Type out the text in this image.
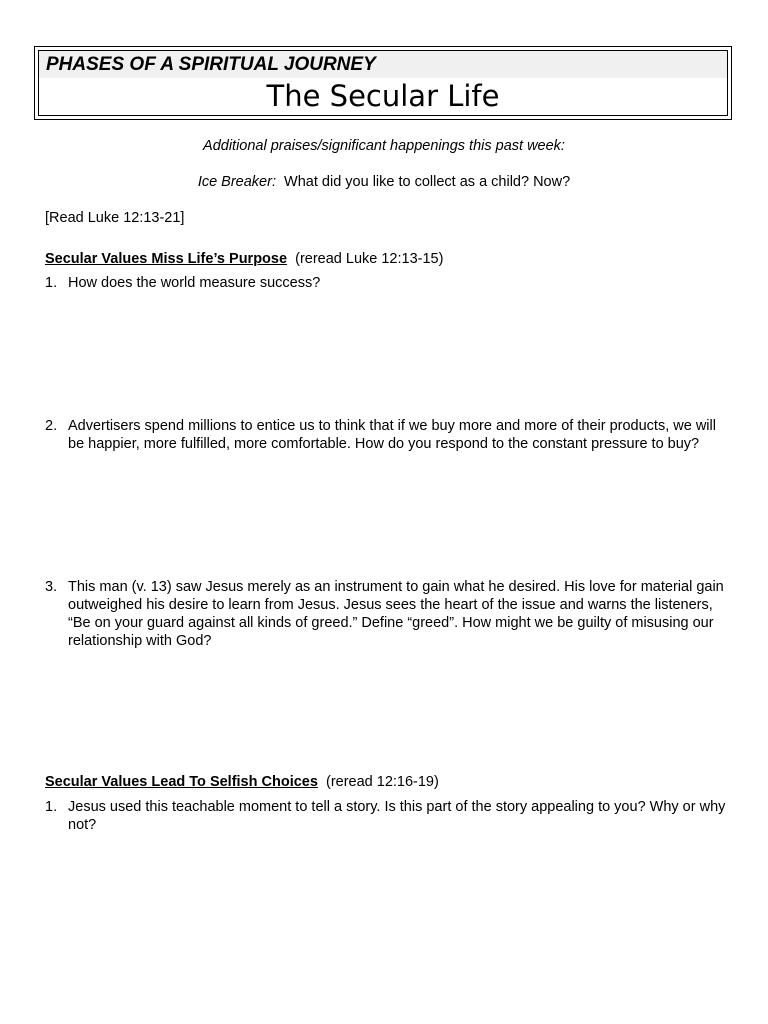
PHASES OF A SPIRITUAL JOURNEY
The Secular Life
Additional praises/significant happenings this past week:
Ice Breaker: What did you like to collect as a child? Now?
[Read Luke 12:13-21]
Secular Values Miss Life’s Purpose (reread Luke 12:13-15)
1. How does the world measure success?
2. Advertisers spend millions to entice us to think that if we buy more and more of their products, we will be happier, more fulfilled, more comfortable. How do you respond to the constant pressure to buy?
3. This man (v. 13) saw Jesus merely as an instrument to gain what he desired. His love for material gain outweighed his desire to learn from Jesus. Jesus sees the heart of the issue and warns the listeners, “Be on your guard against all kinds of greed.” Define “greed”. How might we be guilty of misusing our relationship with God?
Secular Values Lead To Selfish Choices (reread 12:16-19)
1. Jesus used this teachable moment to tell a story. Is this part of the story appealing to you? Why or why not?
